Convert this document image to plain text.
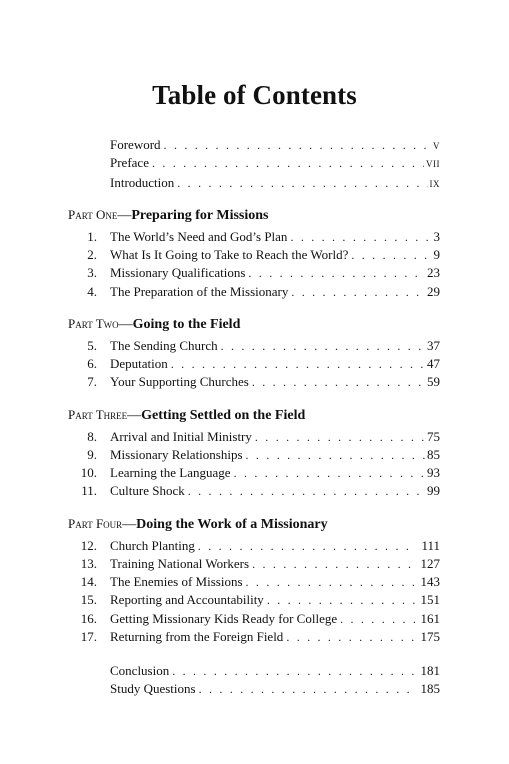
Table of Contents
Foreword . . .	v
Preface . . .	vii
Introduction . . .	ix
Part One—Preparing for Missions
1. The World’s Need and God’s Plan . . .	3
2. What Is It Going to Take to Reach the World? . . .	9
3. Missionary Qualifications . . .	23
4. The Preparation of the Missionary . . .	29
Part Two—Going to the Field
5. The Sending Church . . .	37
6. Deputation . . .	47
7. Your Supporting Churches . . .	59
Part Three—Getting Settled on the Field
8. Arrival and Initial Ministry . . .	75
9. Missionary Relationships . . .	85
10. Learning the Language . . .	93
11. Culture Shock . . .	99
Part Four—Doing the Work of a Missionary
12. Church Planting . . .	111
13. Training National Workers . . .	127
14. The Enemies of Missions . . .	143
15. Reporting and Accountability . . .	151
16. Getting Missionary Kids Ready for College . . .	161
17. Returning from the Foreign Field . . .	175
Conclusion . . .	181
Study Questions . . .	185
